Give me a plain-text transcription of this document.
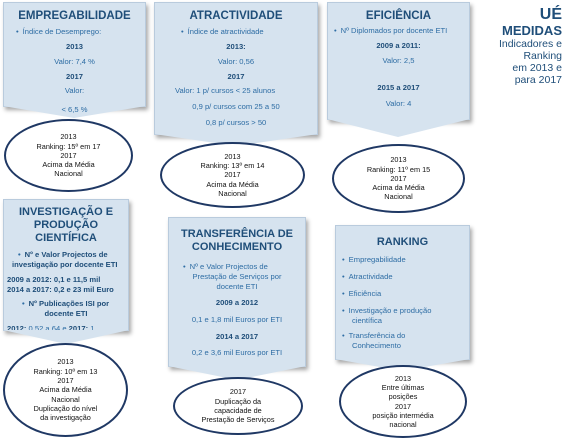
UÉ
MEDIDAS
Indicadores e
Ranking
em 2013 e
para 2017
EMPREGABILIDADE
• Índice de Desemprego:
2013
Valor: 7,4 %
2017
Valor:
< 6,5 %
2013
Ranking: 15º em 17
2017
Acima da Média
Nacional
ATRACTIVIDADE
• Índice de atractividade
2013:
Valor: 0,56
2017
Valor: 1 p/ cursos < 25 alunos
0,9 p/ cursos com 25 a 50
0,8 p/ cursos > 50
2013
Ranking: 13º em 14
2017
Acima da Média
Nacional
EFICIÊNCIA
• Nº Diplomados por docente ETI
2009 a 2011:
Valor: 2,5
2015 a 2017
Valor: 4
2013
Ranking: 11º em 15
2017
Acima da Média
Nacional
INVESTIGAÇÃO E
PRODUÇÃO CIENTÍFICA
• Nº e Valor Projectos de
investigação por docente ETI
2009 a 2012: 0,1 e 11,5 mil
2014 a 2017: 0,2 e 23 mil Euro
• Nº Publicações ISI por
docente ETI
2012: 0,52 a 64 e 2017: 1
2013
Ranking: 10º em 13
2017
Acima da Média
Nacional
Duplicação do nível
da investigação
TRANSFERÊNCIA DE
CONHECIMENTO
• Nº e Valor Projectos de
Prestação de Serviços por
docente ETI
2009 a 2012
0,1 e 1,8 mil Euros por ETI
2014 a 2017
0,2 e 3,6 mil Euros por ETI
2017
Duplicação da
capacidade de
Prestação de Serviços
RANKING
• Empregabilidade
• Atractividade
• Eficiência
• Investigação e produção
científica
• Transferência do
Conhecimento
2013
Entre últimas
posições
2017
posição intermédia
nacional
